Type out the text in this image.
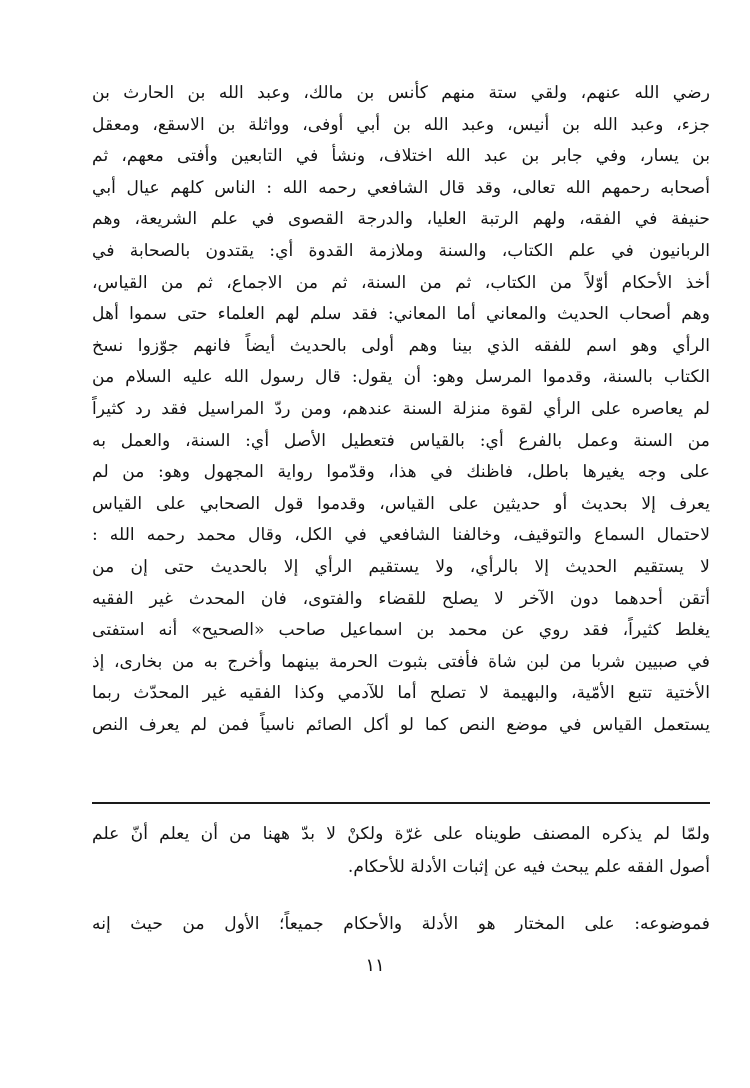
رضي الله عنهم، ولقي ستة منهم كأنس بن مالك، وعبد الله بن الحارث بن
جزء، وعبد الله بن أنيس، وعبد الله بن أبي أوفى، وواثلة بن الاسقع، ومعقل
بن يسار، وفي جابر بن عبد الله اختلاف، ونشأ في التابعين وأفتى معهم، ثم
أصحابه رحمهم الله تعالى، وقد قال الشافعي رحمه الله : الناس كلهم عيال أبي
حنيفة في الفقه، ولهم الرتبة العليا، والدرجة القصوى في علم الشريعة، وهم
الربانيون في علم الكتاب، والسنة وملازمة القدوة أي: يقتدون بالصحابة في
أخذ الأحكام أوّلاً من الكتاب، ثم من السنة، ثم من الاجماع، ثم من القياس،
وهم أصحاب الحديث والمعاني أما المعاني: فقد سلم لهم العلماء حتى سموا أهل
الرأي وهو اسم للفقه الذي بينا وهم أولى بالحديث أيضاً فانهم جوّزوا نسخ
الكتاب بالسنة، وقدموا المرسل وهو: أن يقول: قال رسول الله عليه السلام من
لم يعاصره على الرأي لقوة منزلة السنة عندهم، ومن ردّ المراسيل فقد رد كثيراً
من السنة وعمل بالفرع أي: بالقياس فتعطيل الأصل أي: السنة، والعمل به
على وجه يغيرها باطل، فاظنك في هذا، وقدّموا رواية المجهول وهو: من لم
يعرف إلا بحديث أو حديثين على القياس، وقدموا قول الصحابي على القياس
لاحتمال السماع والتوقيف، وخالفنا الشافعي في الكل، وقال محمد رحمه الله :
لا يستقيم الحديث إلا بالرأي، ولا يستقيم الرأي إلا بالحديث حتى إن من
أتقن أحدهما دون الآخر لا يصلح للقضاء والفتوى، فان المحدث غير الفقيه
يغلط كثيراً، فقد روي عن محمد بن اسماعيل صاحب «الصحيح» أنه استفتى
في صبيين شربا من لبن شاة فأفتى بثبوت الحرمة بينهما وأخرج به من بخارى، إذ
الأختية تتبع الأمّية، والبهيمة لا تصلح أما للآدمي وكذا الفقيه غير المحدّث ربما
يستعمل القياس في موضع النص كما لو أكل الصائم ناسياً فمن لم يعرف النص
ولمّا لم يذكره المصنف طويناه على غرّة ولكنْ لا بدّ ههنا من أن يعلم أنّ علم
أصول الفقه علم يبحث فيه عن إثبات الأدلة للأحكام.
فموضوعه: على المختار هو الأدلة والأحكام جميعاً؛ الأول من حيث إنه
١١
